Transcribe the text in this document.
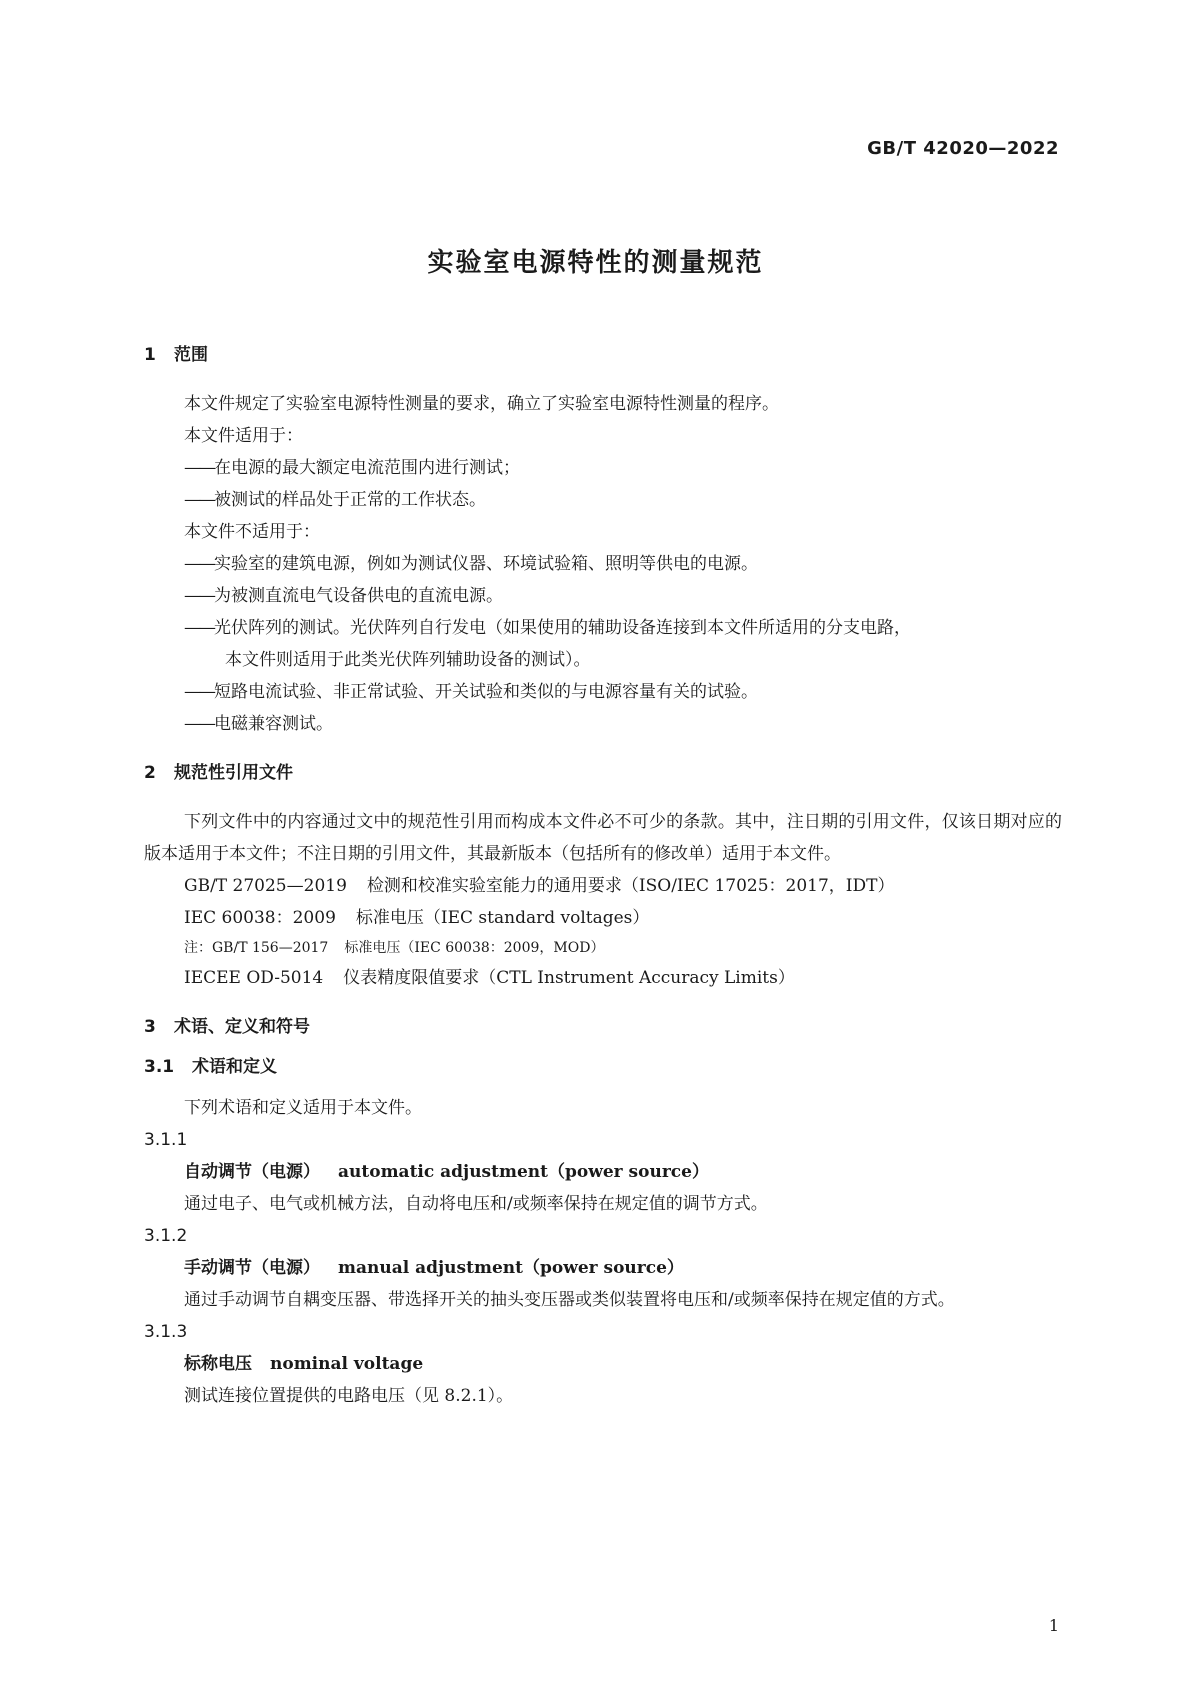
GB/T 42020—2022
实验室电源特性的测量规范
1 范围
本文件规定了实验室电源特性测量的要求，确立了实验室电源特性测量的程序。
本文件适用于：
——在电源的最大额定电流范围内进行测试；
——被测试的样品处于正常的工作状态。
本文件不适用于：
——实验室的建筑电源，例如为测试仪器、环境试验箱、照明等供电的电源。
——为被测直流电气设备供电的直流电源。
——光伏阵列的测试。光伏阵列自行发电（如果使用的辅助设备连接到本文件所适用的分支电路，
本文件则适用于此类光伏阵列辅助设备的测试）。
——短路电流试验、非正常试验、开关试验和类似的与电源容量有关的试验。
——电磁兼容测试。
2 规范性引用文件
下列文件中的内容通过文中的规范性引用而构成本文件必不可少的条款。其中，注日期的引用文件，仅该日期对应的版本适用于本文件；不注日期的引用文件，其最新版本（包括所有的修改单）适用于本文件。
GB/T 27025—2019 检测和校准实验室能力的通用要求（ISO/IEC 17025：2017，IDT）
IEC 60038：2009 标准电压（IEC standard voltages）
注：GB/T 156—2017 标准电压（IEC 60038：2009，MOD）
IECEE OD-5014 仪表精度限值要求（CTL Instrument Accuracy Limits）
3 术语、定义和符号
3.1 术语和定义
下列术语和定义适用于本文件。
3.1.1
自动调节（电源） automatic adjustment（power source）
通过电子、电气或机械方法，自动将电压和/或频率保持在规定值的调节方式。
3.1.2
手动调节（电源） manual adjustment（power source）
通过手动调节自耦变压器、带选择开关的抽头变压器或类似装置将电压和/或频率保持在规定值的方式。
3.1.3
标称电压 nominal voltage
测试连接位置提供的电路电压（见 8.2.1）。
1
